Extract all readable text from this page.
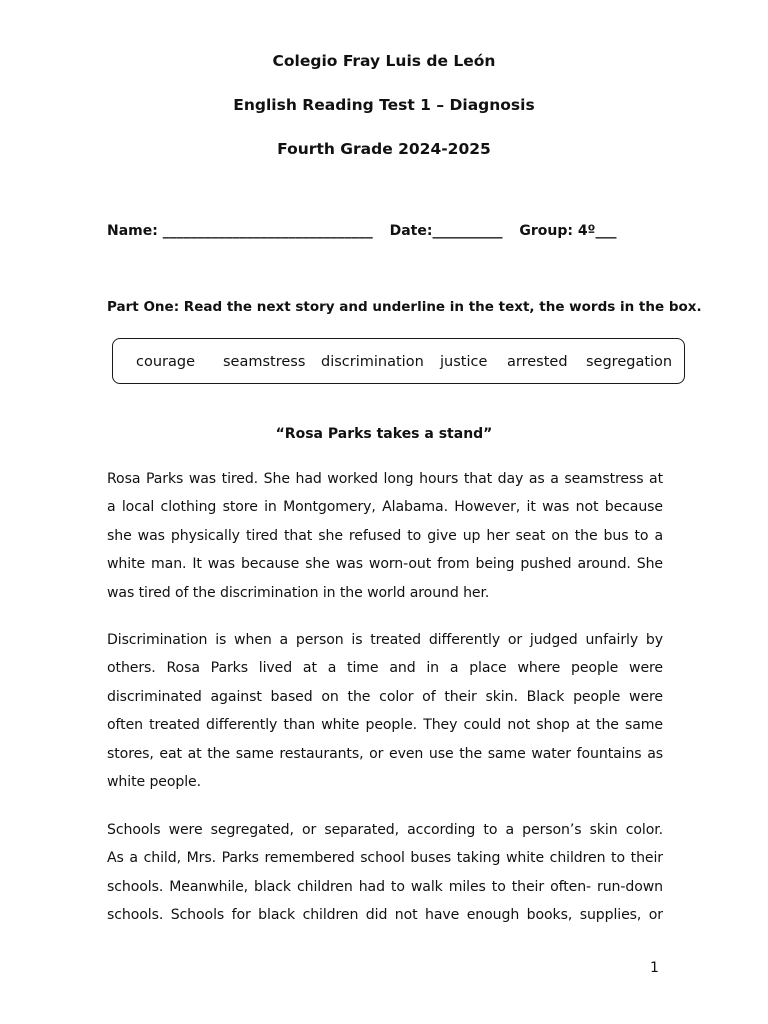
Colegio Fray Luis de León
English Reading Test 1 – Diagnosis
Fourth Grade 2024-2025
Name: ______________________________ Date:__________ Group: 4º___
Part One: Read the next story and underline in the text, the words in the box.
courage seamstress discrimination justice arrested segregation
“Rosa Parks takes a stand”
Rosa Parks was tired. She had worked long hours that day as a seamstress at
a local clothing store in Montgomery, Alabama. However, it was not because
she was physically tired that she refused to give up her seat on the bus to a
white man. It was because she was worn-out from being pushed around. She
was tired of the discrimination in the world around her.
Discrimination is when a person is treated differently or judged unfairly by
others. Rosa Parks lived at a time and in a place where people were
discriminated against based on the color of their skin. Black people were
often treated differently than white people. They could not shop at the same
stores, eat at the same restaurants, or even use the same water fountains as
white people.
Schools were segregated, or separated, according to a person’s skin color.
As a child, Mrs. Parks remembered school buses taking white children to their
schools. Meanwhile, black children had to walk miles to their often- run-down
schools. Schools for black children did not have enough books, supplies, or
1
